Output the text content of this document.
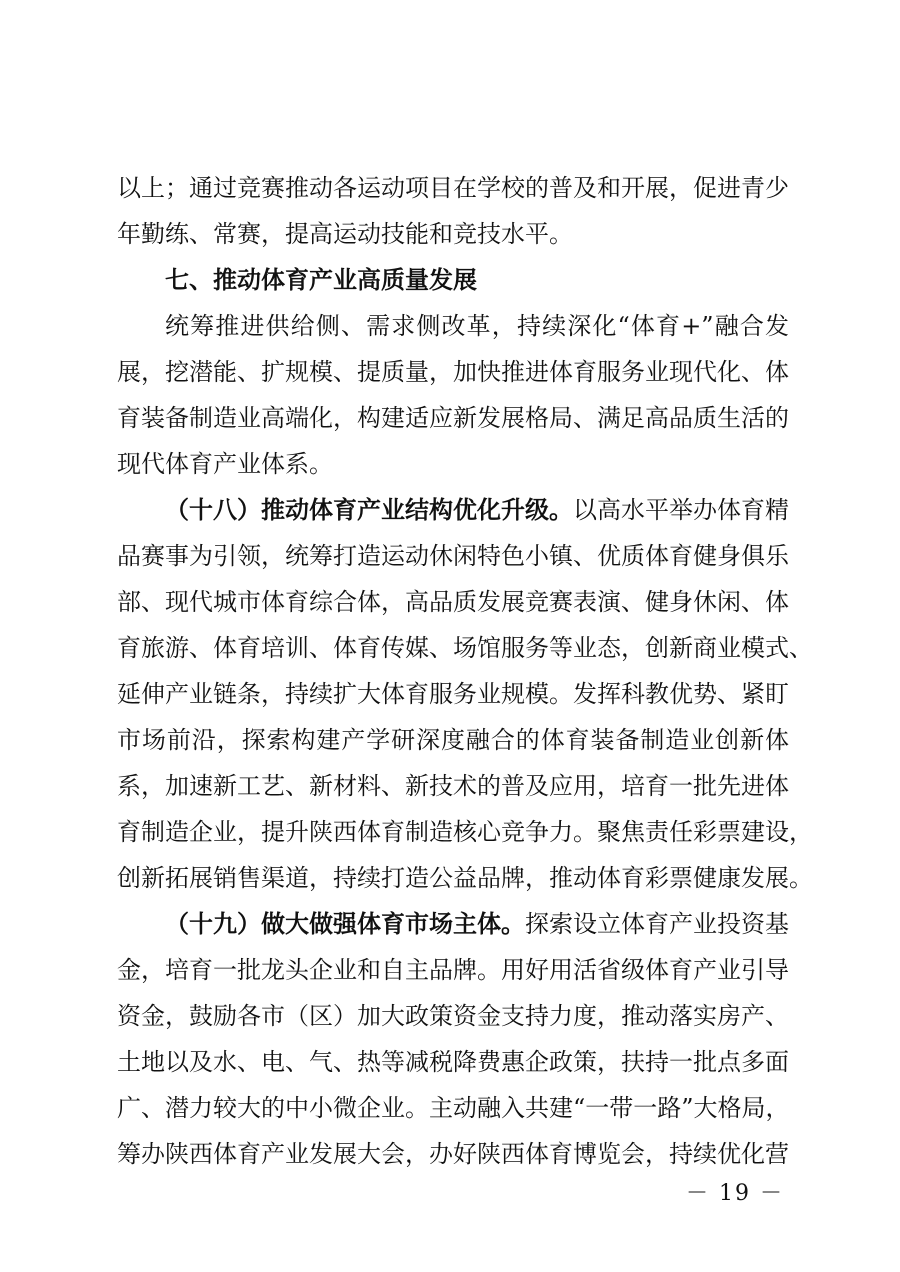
以上；通过竞赛推动各运动项目在学校的普及和开展，促进青少
年勤练、常赛，提高运动技能和竞技水平。
七、推动体育产业高质量发展
统筹推进供给侧、需求侧改革，持续深化“体育+”融合发
展，挖潜能、扩规模、提质量，加快推进体育服务业现代化、体
育装备制造业高端化，构建适应新发展格局、满足高品质生活的
现代体育产业体系。
（十八）推动体育产业结构优化升级。 以高水平举办体育精
品赛事为引领，统筹打造运动休闲特色小镇、优质体育健身俱乐
部、现代城市体育综合体，高品质发展竞赛表演、健身休闲、体
育旅游、体育培训、体育传媒、场馆服务等业态，创新商业模式、
延伸产业链条，持续扩大体育服务业规模。发挥科教优势、紧盯
市场前沿，探索构建产学研深度融合的体育装备制造业创新体
系，加速新工艺、新材料、新技术的普及应用，培育一批先进体
育制造企业，提升陕西体育制造核心竞争力。聚焦责任彩票建设，
创新拓展销售渠道，持续打造公益品牌，推动体育彩票健康发展。
（十九）做大做强体育市场主体。 探索设立体育产业投资基
金，培育一批龙头企业和自主品牌。用好用活省级体育产业引导
资金，鼓励各市（区）加大政策资金支持力度，推动落实房产、
土地以及水、电、气、热等减税降费惠企政策，扶持一批点多面
广、潜力较大的中小微企业。主动融入共建“一带一路”大格局，
筹办陕西体育产业发展大会，办好陕西体育博览会，持续优化营
－ 19 －
